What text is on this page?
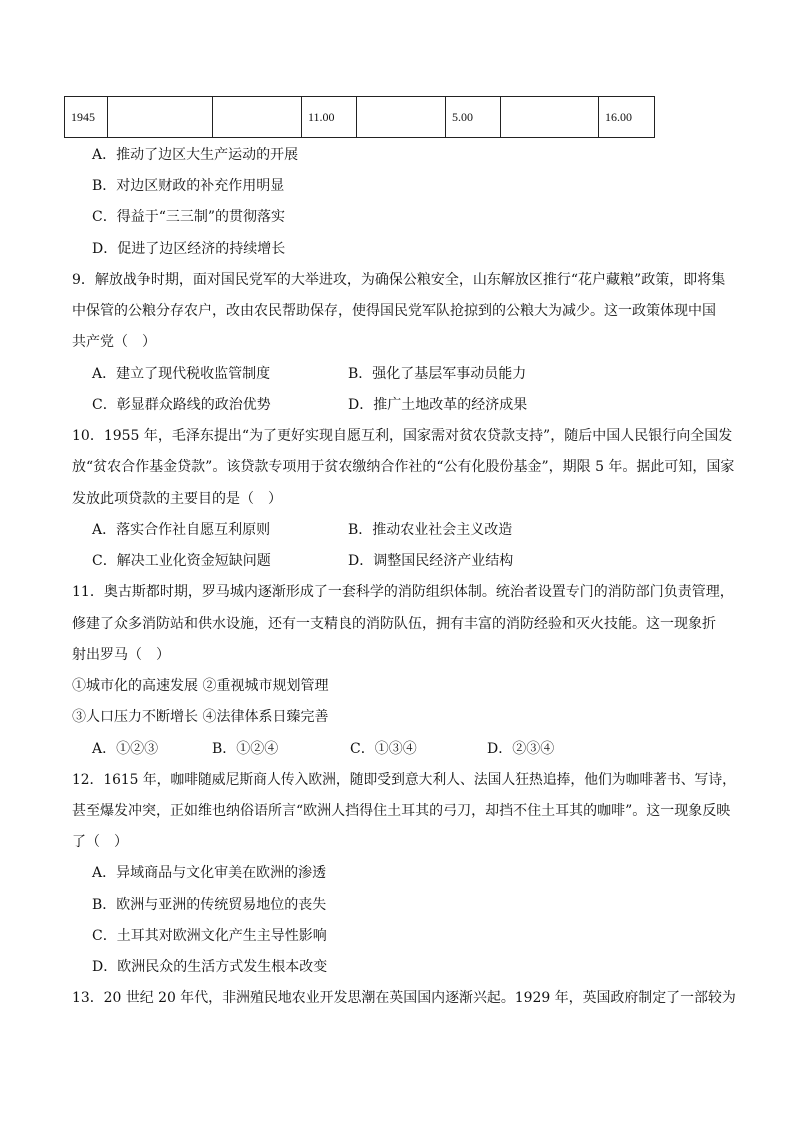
1945			11.00		5.00		16.00
A．推动了边区大生产运动的开展
B．对边区财政的补充作用明显
C．得益于“三三制”的贯彻落实
D．促进了边区经济的持续增长
9．解放战争时期，面对国民党军的大举进攻，为确保公粮安全，山东解放区推行“花户藏粮”政策，即将集
中保管的公粮分存农户，改由农民帮助保存，使得国民党军队抢掠到的公粮大为减少。这一政策体现中国
共产党（　）
A．建立了现代税收监管制度	B．强化了基层军事动员能力
C．彰显群众路线的政治优势	D．推广土地改革的经济成果
10．1955 年，毛泽东提出“为了更好实现自愿互利，国家需对贫农贷款支持”，随后中国人民银行向全国发
放“贫农合作基金贷款”。该贷款专项用于贫农缴纳合作社的“公有化股份基金”，期限 5 年。据此可知，国家
发放此项贷款的主要目的是（　）
A．落实合作社自愿互利原则	B．推动农业社会主义改造
C．解决工业化资金短缺问题	D．调整国民经济产业结构
11．奥古斯都时期，罗马城内逐渐形成了一套科学的消防组织体制。统治者设置专门的消防部门负责管理，
修建了众多消防站和供水设施，还有一支精良的消防队伍，拥有丰富的消防经验和灭火技能。这一现象折
射出罗马（　）
①城市化的高速发展 ②重视城市规划管理
③人口压力不断增长 ④法律体系日臻完善
A．①②③	B．①②④	C．①③④	D．②③④
12．1615 年，咖啡随威尼斯商人传入欧洲，随即受到意大利人、法国人狂热追捧，他们为咖啡著书、写诗，
甚至爆发冲突，正如维也纳俗语所言“欧洲人挡得住土耳其的弓刀，却挡不住土耳其的咖啡”。这一现象反映
了（　）
A．异域商品与文化审美在欧洲的渗透
B．欧洲与亚洲的传统贸易地位的丧失
C．土耳其对欧洲文化产生主导性影响
D．欧洲民众的生活方式发生根本改变
13．20 世纪 20 年代，非洲殖民地农业开发思潮在英国国内逐渐兴起。1929 年，英国政府制定了一部较为
